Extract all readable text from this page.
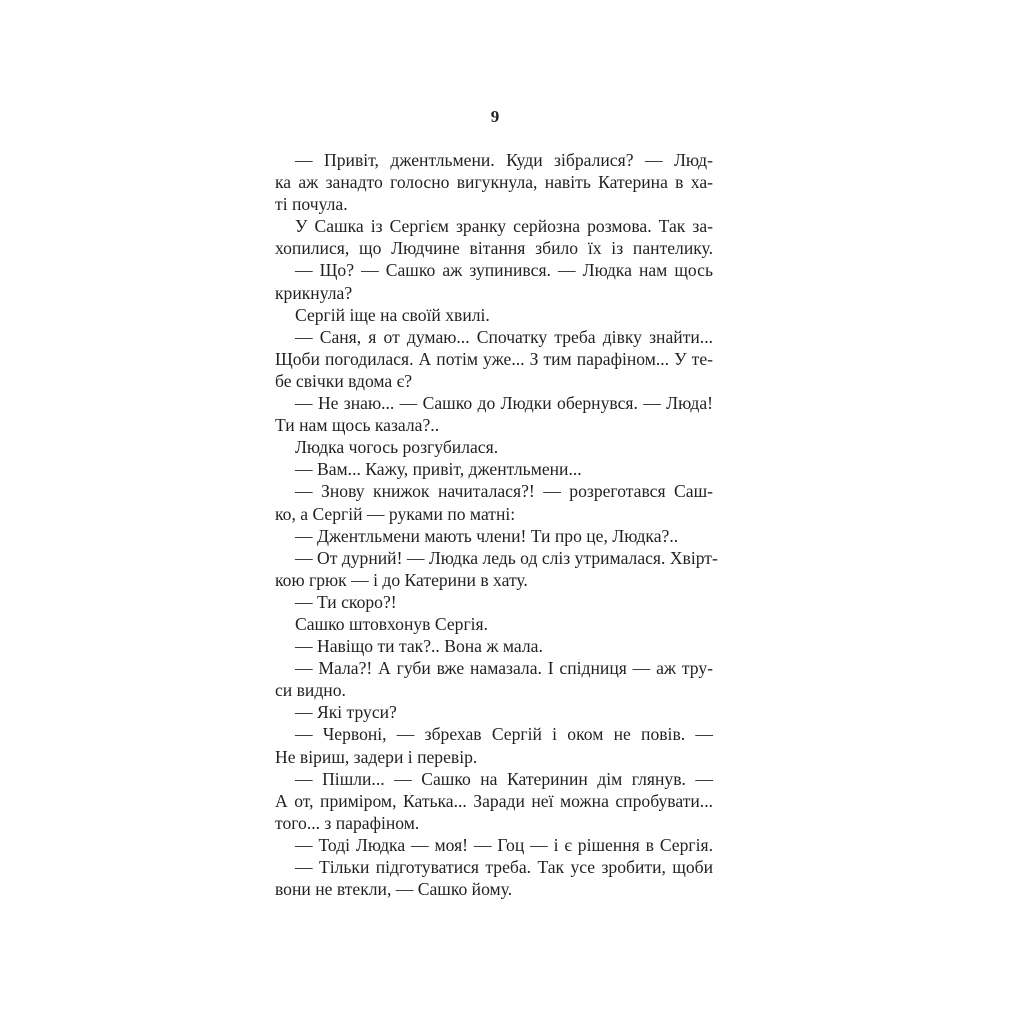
9
— Привіт, джентльмени. Куди зібралися? — Люд-
ка аж занадто голосно вигукнула, навіть Катерина в ха-
ті почула.
У Сашка із Сергієм зранку серйозна розмова. Так за-
хопилися, що Людчине вітання збило їх із пантелику.
— Що? — Сашко аж зупинився. — Людка нам щось
крикнула?
Сергій іще на своїй хвилі.
— Саня, я от думаю... Спочатку треба дівку знайти...
Щоби погодилася. А потім уже... З тим парафіном... У те-
бе свічки вдома є?
— Не знаю... — Сашко до Людки обернувся. — Люда!
Ти нам щось казала?..
Людка чогось розгубилася.
— Вам... Кажу, привіт, джентльмени...
— Знову книжок начиталася?! — розреготався Саш-
ко, а Сергій — руками по матні:
— Джентльмени мають члени! Ти про це, Людка?..
— От дурний! — Людка ледь од сліз утрималася. Хвірт-
кою грюк — і до Катерини в хату.
— Ти скоро?!
Сашко штовхонув Сергія.
— Навіщо ти так?.. Вона ж мала.
— Мала?! А губи вже намазала. І спідниця — аж тру-
си видно.
— Які труси?
— Червоні, — збрехав Сергій і оком не повів. —
Не віриш, задери і перевір.
— Пішли... — Сашко на Катеринин дім глянув. —
А от, приміром, Катька... Заради неї можна спробувати...
того... з парафіном.
— Тоді Людка — моя! — Гоц — і є рішення в Сергія.
— Тільки підготуватися треба. Так усе зробити, щоби
вони не втекли, — Сашко йому.
